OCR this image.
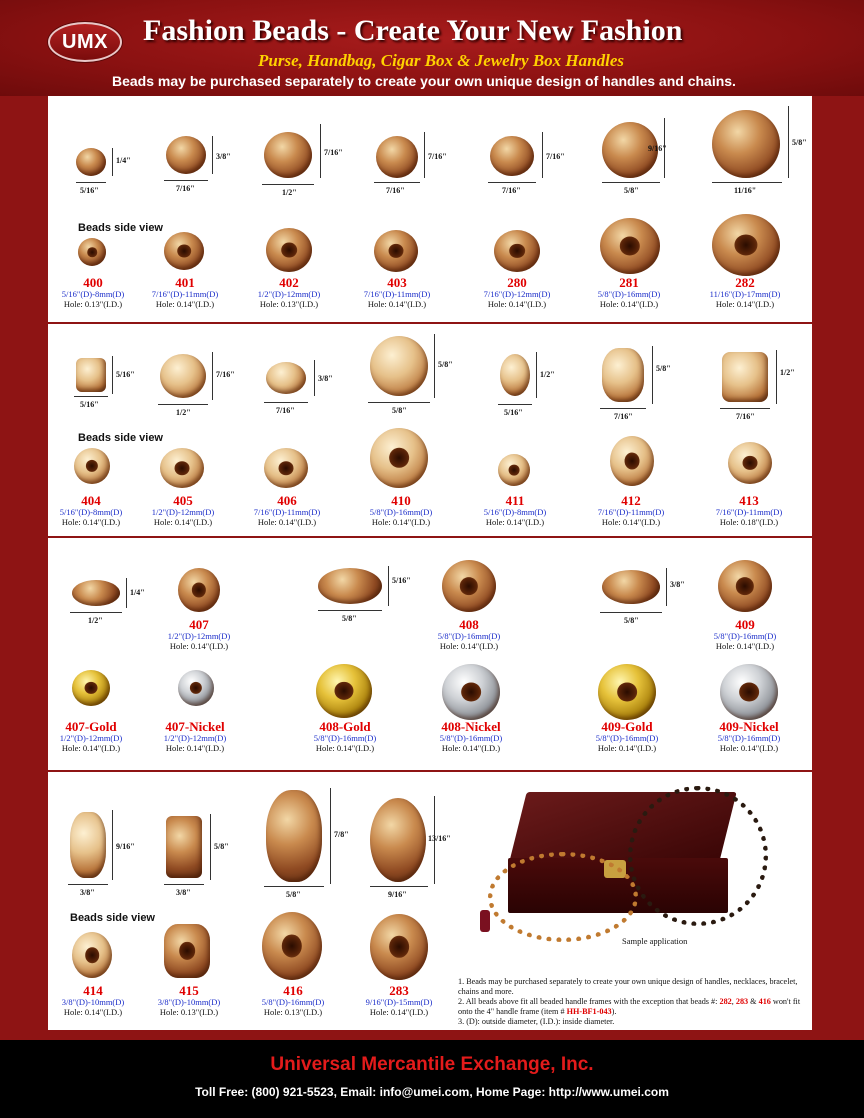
UMX	Fashion Beads - Create Your New Fashion
Purse, Handbag, Cigar Box & Jewelry Box Handles
Beads may be purchased separately to create your own unique design of handles and chains.
1/4"
5/16"
3/8"
7/16"
7/16"
1/2"
7/16"
7/16"
7/16"
7/16"
9/16"
5/8"
5/8"
11/16"
Beads side view
400
5/16"(D)-8mm(D)
Hole: 0.13"(I.D.)
401
7/16"(D)-11mm(D)
Hole: 0.14"(I.D.)
402
1/2"(D)-12mm(D)
Hole: 0.13"(I.D.)
403
7/16"(D)-11mm(D)
Hole: 0.14"(I.D.)
280
7/16"(D)-12mm(D)
Hole: 0.14"(I.D.)
281
5/8"(D)-16mm(D)
Hole: 0.14"(I.D.)
282
11/16"(D)-17mm(D)
Hole: 0.14"(I.D.)
5/16"
5/16"
7/16"
1/2"
3/8"
7/16"
5/8"
5/8"
1/2"
5/16"
5/8"
7/16"
1/2"
7/16"
Beads side view
404
5/16"(D)-8mm(D)
Hole: 0.14"(I.D.)
405
1/2"(D)-12mm(D)
Hole: 0.14"(I.D.)
406
7/16"(D)-11mm(D)
Hole: 0.14"(I.D.)
410
5/8"(D)-16mm(D)
Hole: 0.14"(I.D.)
411
5/16"(D)-8mm(D)
Hole: 0.14"(I.D.)
412
7/16"(D)-11mm(D)
Hole: 0.14"(I.D.)
413
7/16"(D)-11mm(D)
Hole: 0.18"(I.D.)
1/4"
1/2"	407
1/2"(D)-12mm(D)
Hole: 0.14"(I.D.)
5/16"
5/8"	408
5/8"(D)-16mm(D)
Hole: 0.14"(I.D.)
3/8"
5/8"	409
5/8"(D)-16mm(D)
Hole: 0.14"(I.D.)
407-Gold
1/2"(D)-12mm(D)
Hole: 0.14"(I.D.)
407-Nickel
1/2"(D)-12mm(D)
Hole: 0.14"(I.D.)
408-Gold
5/8"(D)-16mm(D)
Hole: 0.14"(I.D.)
408-Nickel
5/8"(D)-16mm(D)
Hole: 0.14"(I.D.)
409-Gold
5/8"(D)-16mm(D)
Hole: 0.14"(I.D.)
409-Nickel
5/8"(D)-16mm(D)
Hole: 0.14"(I.D.)
9/16"
3/8"
5/8"
3/8"
7/8"
5/8"
13/16"
9/16"
Beads side view
414
3/8"(D)-10mm(D)
Hole: 0.14"(I.D.)
415
3/8"(D)-10mm(D)
Hole: 0.13"(I.D.)
416
5/8"(D)-16mm(D)
Hole: 0.13"(I.D.)
283
9/16"(D)-15mm(D)
Hole: 0.14"(I.D.)
Sample application
1. Beads may be purchased separately to create your own unique design of handles, necklaces, bracelet, chains and more.
2. All beads above fit all beaded handle frames with the exception that beads #: 282, 283 & 416 won't fit onto the 4" handle frame (item # HH-BF1-043).
3. (D): outside diameter, (I.D.): inside diameter.
Universal Mercantile Exchange, Inc.
Toll Free: (800) 921-5523, Email: info@umei.com, Home Page: http://www.umei.com
